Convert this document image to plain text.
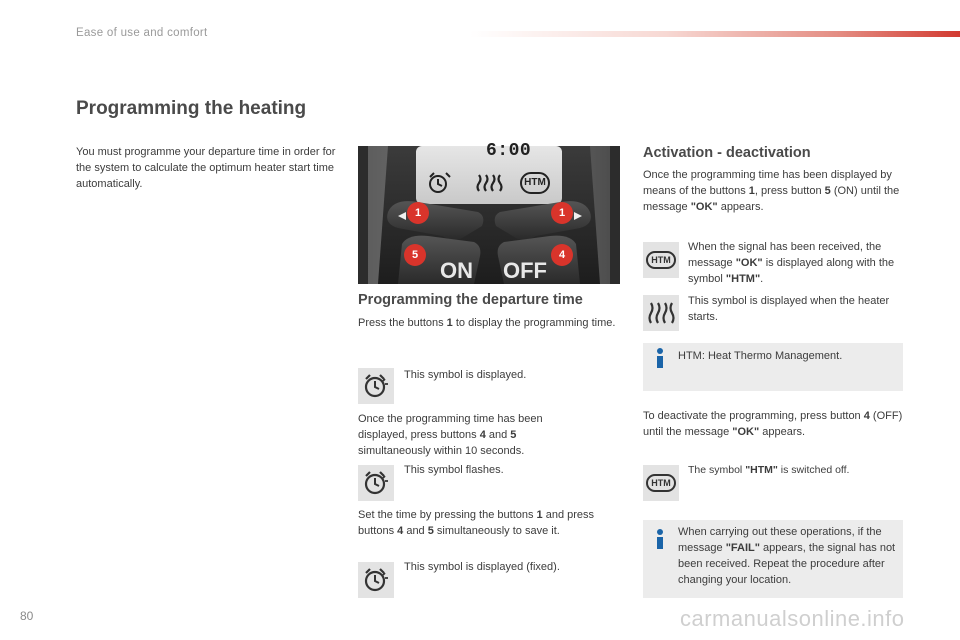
Ease of use and comfort
Programming the heating
You must programme your departure time in order for the system to calculate the optimum heater start time automatically.
6:00
HTM
1	1
5	4
ON OFF
Programming the departure time
Press the buttons 1 to display the programming time.
This symbol is displayed.
Once the programming time has been displayed, press buttons 4 and 5 simultaneously within 10 seconds.
This symbol flashes.
Set the time by pressing the buttons 1 and press buttons 4 and 5 simultaneously to save it.
This symbol is displayed (fixed).
Activation - deactivation
Once the programming time has been displayed by means of the buttons 1, press button 5 (ON) until the message "OK" appears.
HTM
When the signal has been received, the message "OK" is displayed along with the symbol "HTM".
This symbol is displayed when the heater starts.
HTM: Heat Thermo Management.
To deactivate the programming, press button 4 (OFF) until the message "OK" appears.
HTM
The symbol "HTM" is switched off.
When carrying out these operations, if the message "FAIL" appears, the signal has not been received. Repeat the procedure after changing your location.
80	carmanualsonline.info
